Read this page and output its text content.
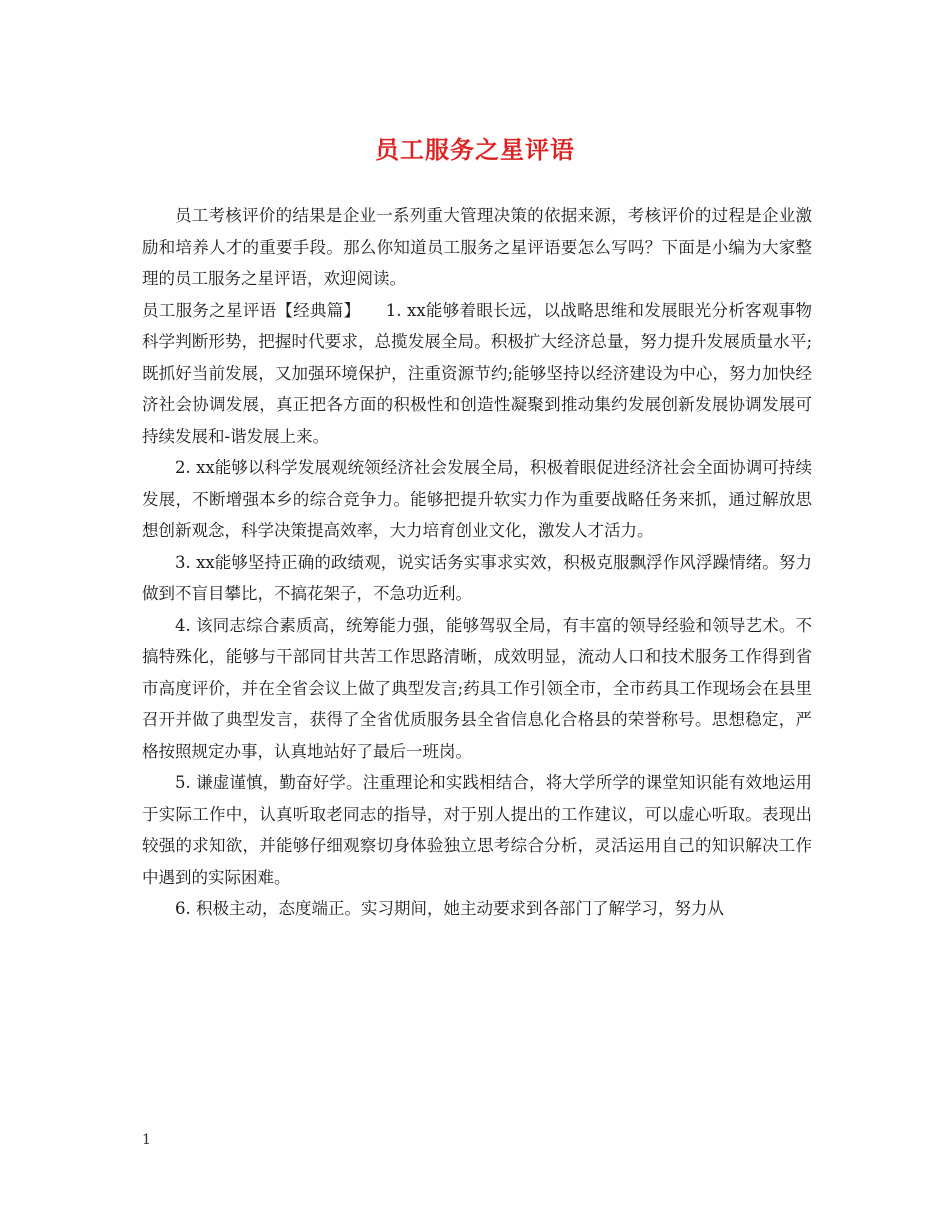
员工服务之星评语

员工考核评价的结果是企业一系列重大管理决策的依据来源，考核评价的过程是企业激励和培养人才的重要手段。那么你知道员工服务之星评语要怎么写吗？下面是小编为大家整理的员工服务之星评语，欢迎阅读。

员工服务之星评语【经典篇】　　1. xx能够着眼长远，以战略思维和发展眼光分析客观事物科学判断形势，把握时代要求，总揽发展全局。积极扩大经济总量，努力提升发展质量水平;既抓好当前发展，又加强环境保护，注重资源节约;能够坚持以经济建设为中心，努力加快经济社会协调发展，真正把各方面的积极性和创造性凝聚到推动集约发展创新发展协调发展可持续发展和-谐发展上来。

2. xx能够以科学发展观统领经济社会发展全局，积极着眼促进经济社会全面协调可持续发展，不断增强本乡的综合竞争力。能够把提升软实力作为重要战略任务来抓，通过解放思想创新观念，科学决策提高效率，大力培育创业文化，激发人才活力。

3. xx能够坚持正确的政绩观，说实话务实事求实效，积极克服飘浮作风浮躁情绪。努力做到不盲目攀比，不搞花架子，不急功近利。

4. 该同志综合素质高，统筹能力强，能够驾驭全局，有丰富的领导经验和领导艺术。不搞特殊化，能够与干部同甘共苦工作思路清晰，成效明显，流动人口和技术服务工作得到省市高度评价，并在全省会议上做了典型发言;药具工作引领全市，全市药具工作现场会在县里召开并做了典型发言，获得了全省优质服务县全省信息化合格县的荣誉称号。思想稳定，严格按照规定办事，认真地站好了最后一班岗。

5. 谦虚谨慎，勤奋好学。注重理论和实践相结合，将大学所学的课堂知识能有效地运用于实际工作中，认真听取老同志的指导，对于别人提出的工作建议，可以虚心听取。表现出较强的求知欲，并能够仔细观察切身体验独立思考综合分析，灵活运用自己的知识解决工作中遇到的实际困难。

6. 积极主动，态度端正。实习期间，她主动要求到各部门了解学习，努力从

1
